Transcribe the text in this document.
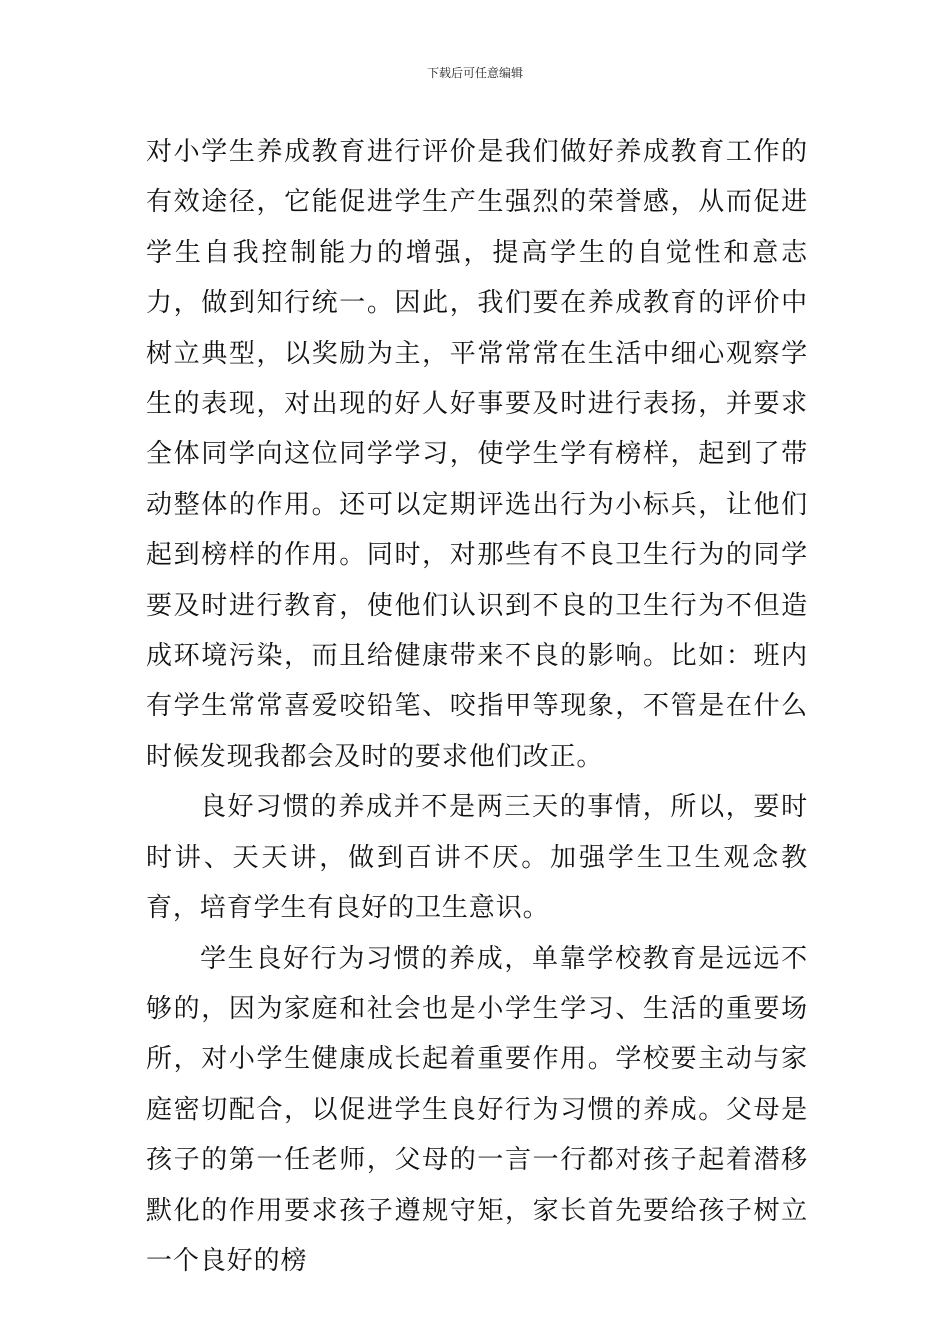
下载后可任意编辑

对小学生养成教育进行评价是我们做好养成教育工作的有效途径，它能促进学生产生强烈的荣誉感，从而促进学生自我控制能力的增强，提高学生的自觉性和意志力，做到知行统一。因此，我们要在养成教育的评价中树立典型，以奖励为主，平常常常在生活中细心观察学生的表现，对出现的好人好事要及时进行表扬，并要求全体同学向这位同学学习，使学生学有榜样，起到了带动整体的作用。还可以定期评选出行为小标兵，让他们起到榜样的作用。同时，对那些有不良卫生行为的同学要及时进行教育，使他们认识到不良的卫生行为不但造成环境污染，而且给健康带来不良的影响。比如：班内有学生常常喜爱咬铅笔、咬指甲等现象，不管是在什么时候发现我都会及时的要求他们改正。

良好习惯的养成并不是两三天的事情，所以，要时时讲、天天讲，做到百讲不厌。加强学生卫生观念教育，培育学生有良好的卫生意识。

学生良好行为习惯的养成，单靠学校教育是远远不够的，因为家庭和社会也是小学生学习、生活的重要场所，对小学生健康成长起着重要作用。学校要主动与家庭密切配合，以促进学生良好行为习惯的养成。父母是孩子的第一任老师，父母的一言一行都对孩子起着潜移默化的作用要求孩子遵规守矩，家长首先要给孩子树立一个良好的榜
